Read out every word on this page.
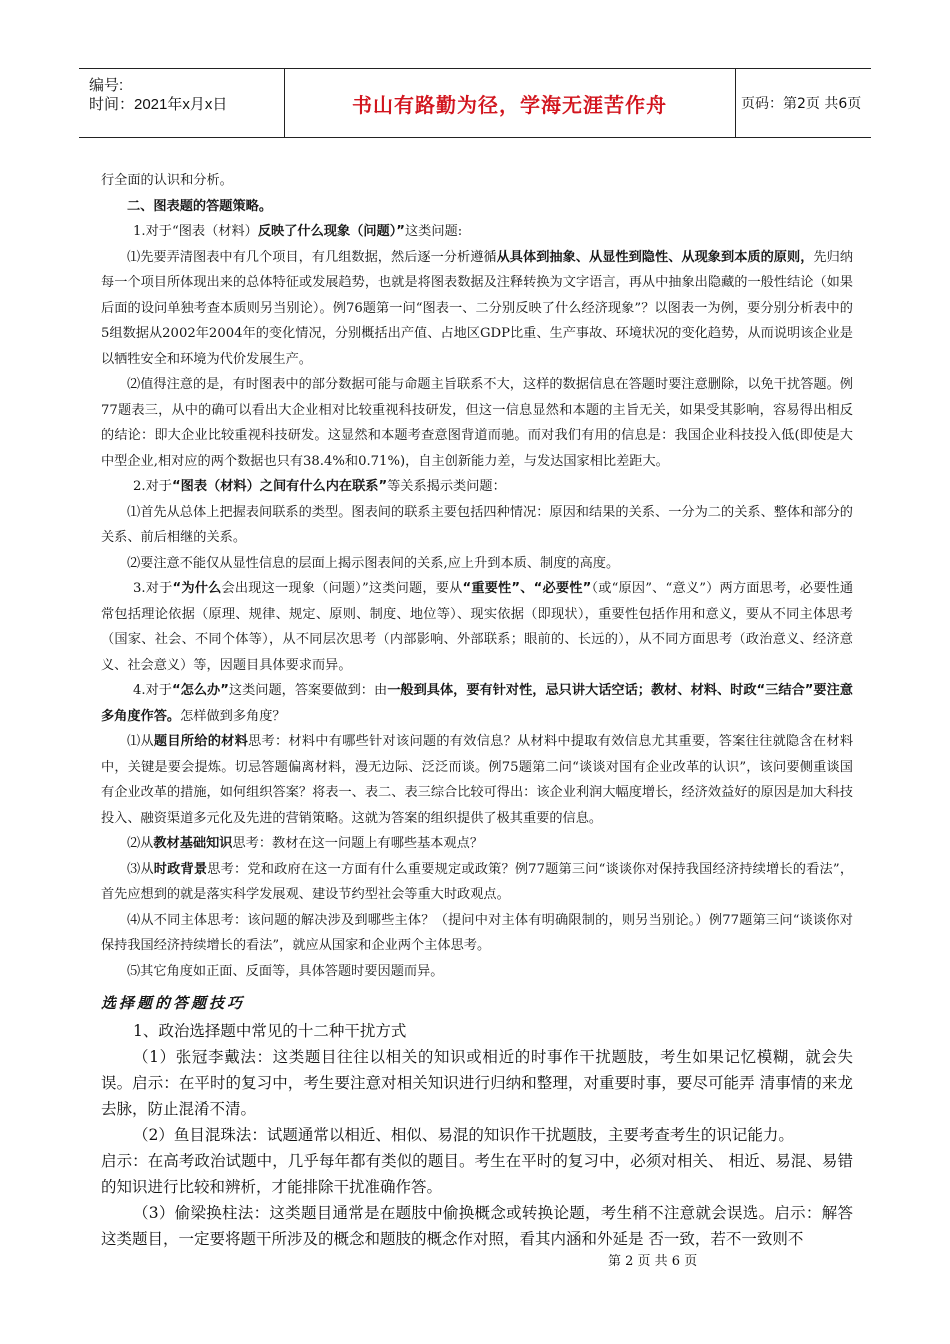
编号:
时间：2021年x月x日	书山有路勤为径，学海无涯苦作舟	页码：第2页 共6页

行全面的认识和分析。

二、图表题的答题策略。

1.对于“图表（材料）反映了什么现象（问题）”这类问题:

⑴先要弄清图表中有几个项目，有几组数据，然后逐一分析遵循从具体到抽象、从显性到隐性、从现象到本质的原则，先归纳每一个项目所体现出来的总体特征或发展趋势，也就是将图表数据及注释转换为文字语言，再从中抽象出隐藏的一般性结论（如果后面的设问单独考查本质则另当别论）。例76题第一问“图表一、二分别反映了什么经济现象”？以图表一为例，要分别分析表中的5组数据从2002年2004年的变化情况，分别概括出产值、占地区GDP比重、生产事故、环境状况的变化趋势，从而说明该企业是以牺牲安全和环境为代价发展生产。

⑵值得注意的是，有时图表中的部分数据可能与命题主旨联系不大，这样的数据信息在答题时要注意删除，以免干扰答题。例77题表三，从中的确可以看出大企业相对比较重视科技研发，但这一信息显然和本题的主旨无关，如果受其影响，容易得出相反的结论：即大企业比较重视科技研发。这显然和本题考查意图背道而驰。而对我们有用的信息是：我国企业科技投入低(即使是大中型企业,相对应的两个数据也只有38.4%和0.71%)，自主创新能力差，与发达国家相比差距大。

2.对于“图表（材料）之间有什么内在联系”等关系揭示类问题：

⑴首先从总体上把握表间联系的类型。图表间的联系主要包括四种情况：原因和结果的关系、一分为二的关系、整体和部分的关系、前后相继的关系。

⑵要注意不能仅从显性信息的层面上揭示图表间的关系,应上升到本质、制度的高度。

3.对于“为什么会出现这一现象（问题）”这类问题，要从“重要性”、“必要性”（或“原因”、“意义”）两方面思考，必要性通常包括理论依据（原理、规律、规定、原则、制度、地位等）、现实依据（即现状），重要性包括作用和意义，要从不同主体思考（国家、社会、不同个体等），从不同层次思考（内部影响、外部联系；眼前的、长远的），从不同方面思考（政治意义、经济意义、社会意义）等，因题目具体要求而异。

4.对于“怎么办”这类问题，答案要做到：由一般到具体，要有针对性，忌只讲大话空话；教材、材料、时政“三结合”要注意多角度作答。怎样做到多角度？

⑴从题目所给的材料思考：材料中有哪些针对该问题的有效信息？从材料中提取有效信息尤其重要，答案往往就隐含在材料中，关键是要会提炼。切忌答题偏离材料，漫无边际、泛泛而谈。例75题第二问“谈谈对国有企业改革的认识”，该问要侧重谈国有企业改革的措施，如何组织答案？将表一、表二、表三综合比较可得出：该企业利润大幅度增长，经济效益好的原因是加大科技投入、融资渠道多元化及先进的营销策略。这就为答案的组织提供了极其重要的信息。

⑵从教材基础知识思考：教材在这一问题上有哪些基本观点？

⑶从时政背景思考：党和政府在这一方面有什么重要规定或政策？例77题第三问“谈谈你对保持我国经济持续增长的看法”，首先应想到的就是落实科学发展观、建设节约型社会等重大时政观点。

⑷从不同主体思考：该问题的解决涉及到哪些主体？（提问中对主体有明确限制的，则另当别论。）例77题第三问“谈谈你对保持我国经济持续增长的看法”，就应从国家和企业两个主体思考。

⑸其它角度如正面、反面等，具体答题时要因题而异。

选择题的答题技巧

1、政治选择题中常见的十二种干扰方式

（1）张冠李戴法：这类题目往往以相关的知识或相近的时事作干扰题肢，考生如果记忆模糊，就会失误。启示：在平时的复习中，考生要注意对相关知识进行归纳和整理，对重要时事，要尽可能弄 清事情的来龙去脉，防止混淆不清。

（2）鱼目混珠法：试题通常以相近、相似、易混的知识作干扰题肢，主要考查考生的识记能力。

启示：在高考政治试题中，几乎每年都有类似的题目。考生在平时的复习中，必须对相关、 相近、易混、易错的知识进行比较和辨析，才能排除干扰准确作答。

（3）偷梁换柱法：这类题目通常是在题肢中偷换概念或转换论题，考生稍不注意就会误选。启示：解答这类题目，一定要将题干所涉及的概念和题肢的概念作对照，看其内涵和外延是 否一致，若不一致则不

第 2 页 共 6 页
